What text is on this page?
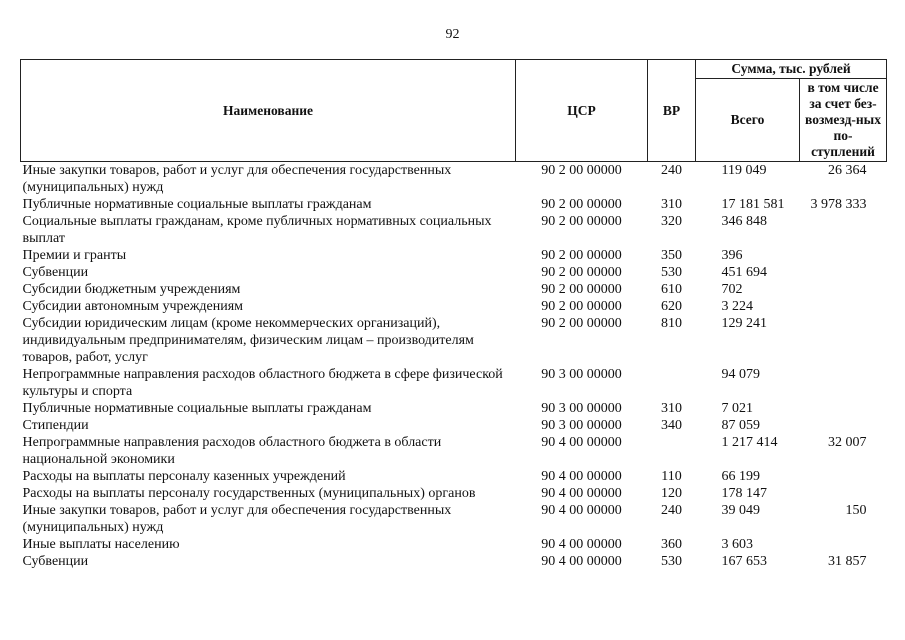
92
Наименование	ЦСР	ВР	Сумма, тыс. рублей	
			Всего	в том числе за счет без-возмезд-ных по-ступлений
Иные закупки товаров, работ и услуг для обеспечения государственных (муниципальных) нужд	90 2 00 00000	240	119 049	26 364
Публичные нормативные социальные выплаты гражданам	90 2 00 00000	310	17 181 581	3 978 333
Социальные выплаты гражданам, кроме публичных нормативных социальных выплат	90 2 00 00000	320	346 848	
Премии и гранты	90 2 00 00000	350	396	
Субвенции	90 2 00 00000	530	451 694	
Субсидии бюджетным учреждениям	90 2 00 00000	610	702	
Субсидии автономным учреждениям	90 2 00 00000	620	3 224	
Субсидии юридическим лицам (кроме некоммерческих организаций), индивидуальным предпринимателям, физическим лицам – производителям товаров, работ, услуг	90 2 00 00000	810	129 241	
Непрограммные направления расходов областного бюджета в сфере физической культуры и спорта	90 3 00 00000		94 079	
Публичные нормативные социальные выплаты гражданам	90 3 00 00000	310	7 021	
Стипендии	90 3 00 00000	340	87 059	
Непрограммные направления расходов областного бюджета в области национальной экономики	90 4 00 00000		1 217 414	32 007
Расходы на выплаты персоналу казенных учреждений	90 4 00 00000	110	66 199	
Расходы на выплаты персоналу государственных (муниципальных) органов	90 4 00 00000	120	178 147	
Иные закупки товаров, работ и услуг для обеспечения государственных (муниципальных) нужд	90 4 00 00000	240	39 049	150
Иные выплаты населению	90 4 00 00000	360	3 603	
Субвенции	90 4 00 00000	530	167 653	31 857
